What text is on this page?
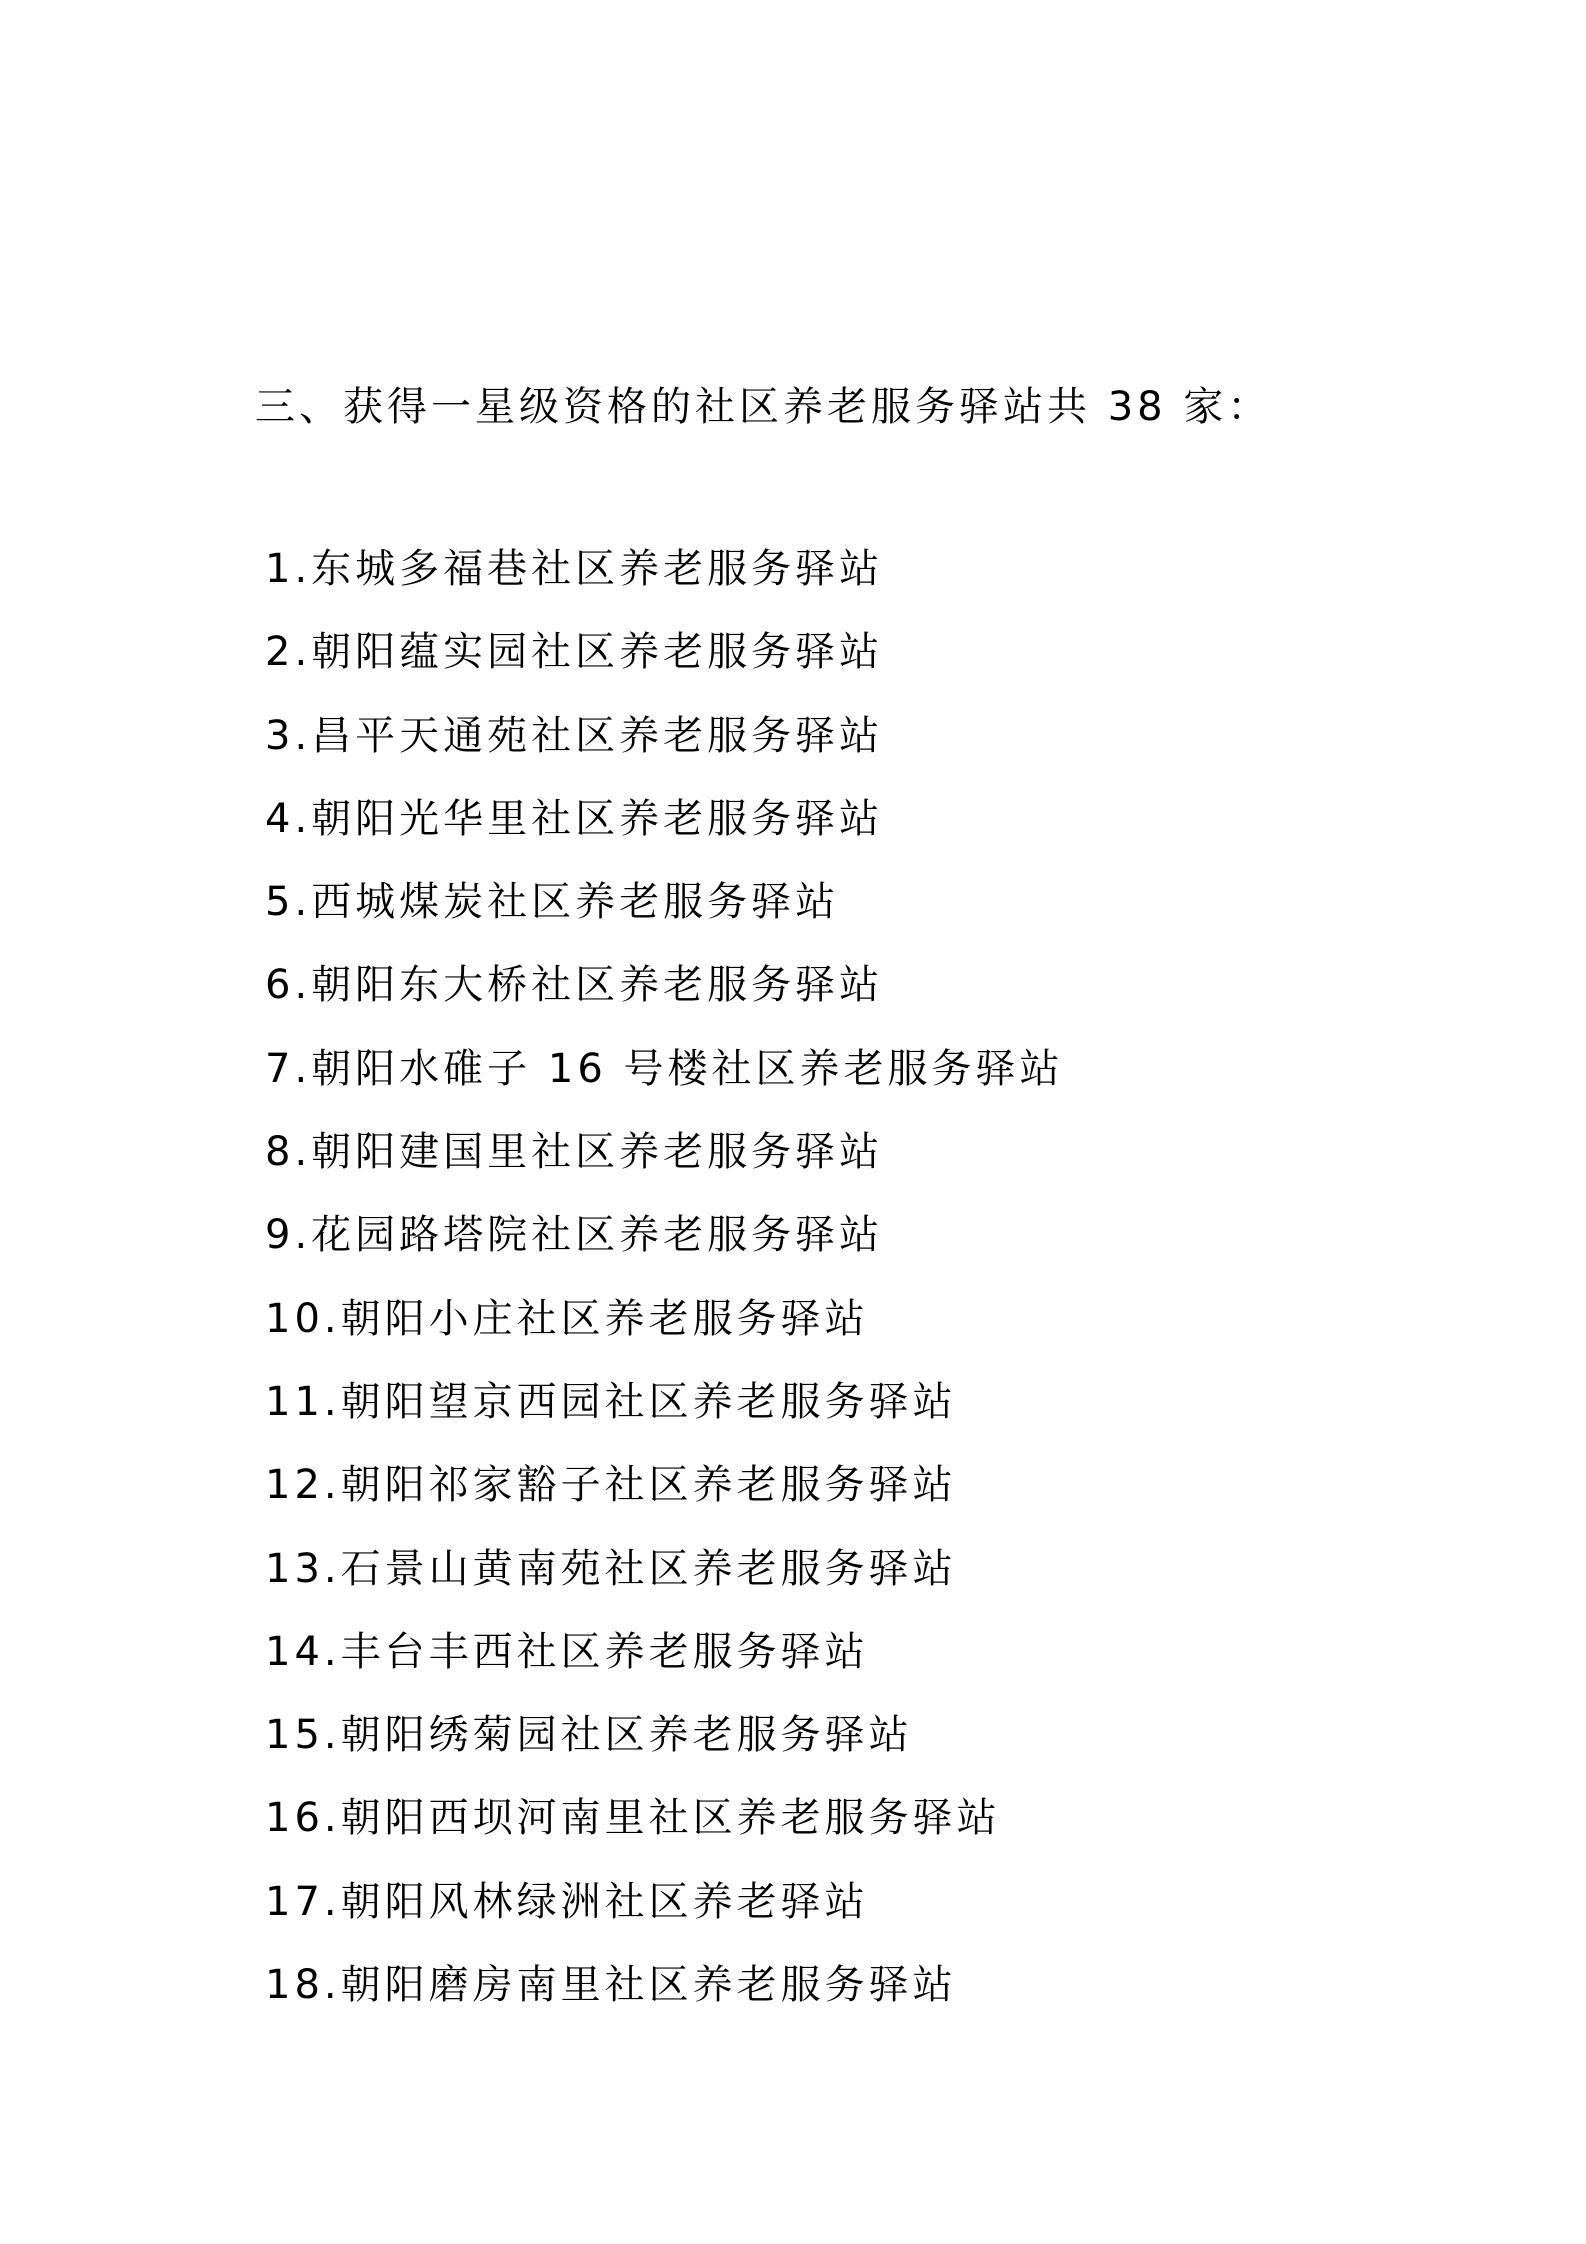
三、获得一星级资格的社区养老服务驿站共 38 家：
1.东城多福巷社区养老服务驿站
2.朝阳蕴实园社区养老服务驿站
3.昌平天通苑社区养老服务驿站
4.朝阳光华里社区养老服务驿站
5.西城煤炭社区养老服务驿站
6.朝阳东大桥社区养老服务驿站
7.朝阳水碓子 16 号楼社区养老服务驿站
8.朝阳建国里社区养老服务驿站
9.花园路塔院社区养老服务驿站
10.朝阳小庄社区养老服务驿站
11.朝阳望京西园社区养老服务驿站
12.朝阳祁家豁子社区养老服务驿站
13.石景山黄南苑社区养老服务驿站
14.丰台丰西社区养老服务驿站
15.朝阳绣菊园社区养老服务驿站
16.朝阳西坝河南里社区养老服务驿站
17.朝阳风林绿洲社区养老驿站
18.朝阳磨房南里社区养老服务驿站
